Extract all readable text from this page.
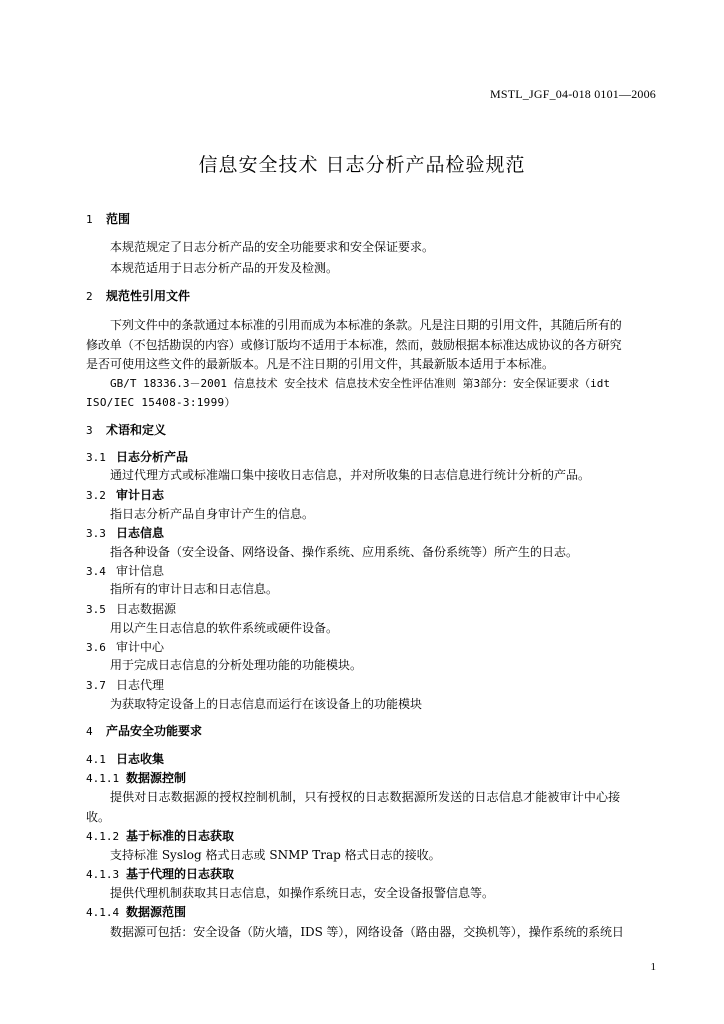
MSTL_JGF_04-018 0101—2006
信息安全技术 日志分析产品检验规范
1 范围
本规范规定了日志分析产品的安全功能要求和安全保证要求。
本规范适用于日志分析产品的开发及检测。
2 规范性引用文件
下列文件中的条款通过本标准的引用而成为本标准的条款。凡是注日期的引用文件，其随后所有的
修改单（不包括勘误的内容）或修订版均不适用于本标准，然而，鼓励根据本标准达成协议的各方研究
是否可使用这些文件的最新版本。凡是不注日期的引用文件，其最新版本适用于本标准。
GB/T 18336.3－2001 信息技术 安全技术 信息技术安全性评估准则 第3部分：安全保证要求（idt
ISO/IEC 15408-3:1999）
3 术语和定义
3.1 日志分析产品
通过代理方式或标准端口集中接收日志信息，并对所收集的日志信息进行统计分析的产品。
3.2 审计日志
指日志分析产品自身审计产生的信息。
3.3 日志信息
指各种设备（安全设备、网络设备、操作系统、应用系统、备份系统等）所产生的日志。
3.4 审计信息
指所有的审计日志和日志信息。
3.5 日志数据源
用以产生日志信息的软件系统或硬件设备。
3.6 审计中心
用于完成日志信息的分析处理功能的功能模块。
3.7 日志代理
为获取特定设备上的日志信息而运行在该设备上的功能模块
4 产品安全功能要求
4.1 日志收集
4.1.1 数据源控制
提供对日志数据源的授权控制机制，只有授权的日志数据源所发送的日志信息才能被审计中心接
收。
4.1.2 基于标准的日志获取
支持标准 Syslog 格式日志或 SNMP Trap 格式日志的接收。
4.1.3 基于代理的日志获取
提供代理机制获取其日志信息，如操作系统日志，安全设备报警信息等。
4.1.4 数据源范围
数据源可包括：安全设备（防火墙，IDS 等），网络设备（路由器，交换机等），操作系统的系统日
1
